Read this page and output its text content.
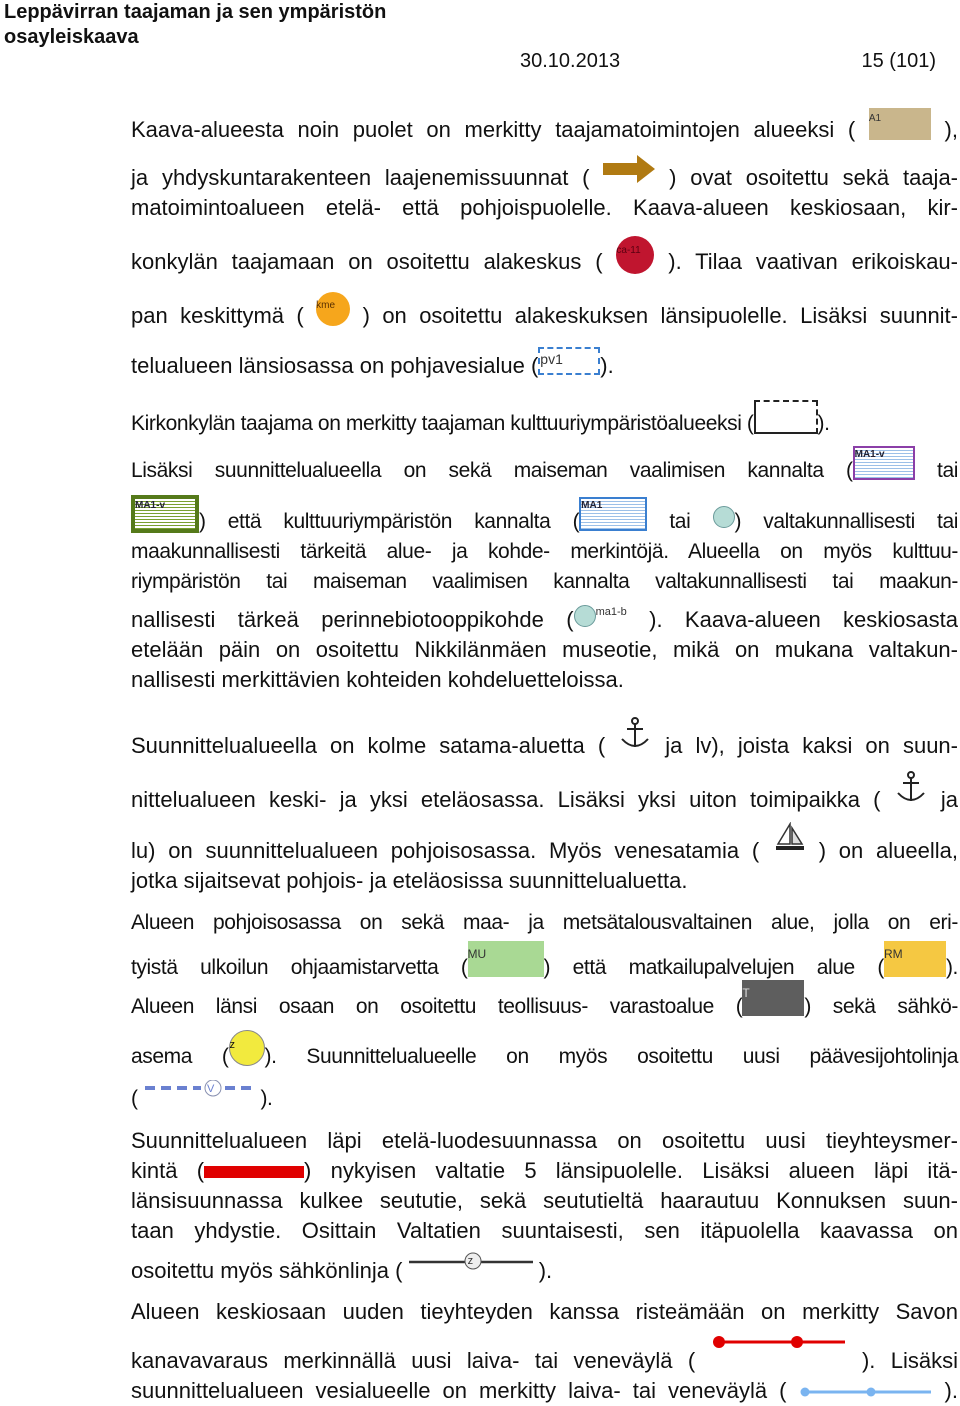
Leppävirran taajaman ja sen ympäristön
osayleiskaava
30.10.2013	15 (101)
Kaava-alueesta noin puolet on merkitty taajamatoimintojen alueeksi ( A1 ),
ja yhdyskuntarakenteen laajenemissuunnat (
) ovat osoitettu sekä taaja-
matoimintoalueen etelä- että pohjoispuolelle. Kaava-alueen keskiosaan, kir-
konkylän taajamaan on osoitettu alakeskus ( ca-11 ). Tilaa vaativan erikoiskau-
pan keskittymä ( kme ) on osoitettu alakeskuksen länsipuolelle. Lisäksi suunnit-
telualueen länsiosassa on pohjavesialue ( pv1 ).
Kirkonkylän taajama on merkitty taajaman kulttuuriympäristöalueeksi (	).
Lisäksi suunnittelualueella on sekä maiseman vaalimisen kannalta (MA1-v tai
MA1-v) että kulttuuriympäristön kannalta (MA1 tai ) valtakunnallisesti tai
maakunnallisesti tärkeitä alue- ja kohde- merkintöjä. Alueella on myös kulttuu-
riympäristön tai maiseman vaalimisen kannalta valtakunnallisesti tai maakun-
nallisesti tärkeä perinnebiotooppikohde ( $^{ma1-b}$ ). Kaava-alueen keskiosasta
etelään päin on osoitettu Nikkilänmäen museotie, mikä on mukana valtakun-
nallisesti merkittävien kohteiden kohdeluetteloissa.
Suunnittelualueella on kolme satama-aluetta (
ja lv), joista kaksi on suun-
nittelualueen keski- ja yksi eteläosassa. Lisäksi yksi uiton toimipaikka (
ja
lu) on suunnittelualueen pohjoisosassa. Myös venesatamia (
) on alueella,
jotka sijaitsevat pohjois- ja eteläosissa suunnittelualuetta.
Alueen pohjoisosassa on sekä maa- ja metsätalousvaltainen alue, jolla on eri-
tyistä ulkoilun ohjaamistarvetta (MU) että matkailupalvelujen alue (RM).
Alueen länsi osaan on osoitettu teollisuus- varastoalue (T) sekä sähkö-
asema (z ). Suunnittelualueelle on myös osoitettu uusi päävesijohtolinja
(	V ).
Suunnittelualueen läpi etelä-luodesuunnassa on osoitettu uusi tieyhteysmer-
kintä (	) nykyisen valtatie 5 länsipuolelle. Lisäksi alueen läpi itä-
länsisuunnassa kulkee seututie, sekä seututieltä haarautuu Konnuksen suun-
taan yhdystie. Osittain Valtatien suuntaisesti, sen itäpuolella kaavassa on
osoitettu myös sähkönlinja (	z	).
Alueen keskiosaan uuden tieyhteyden kanssa risteämään on merkitty Savon
kanavavaraus merkinnällä uusi laiva- tai veneväylä (	). Lisäksi
suunnittelualueen vesialueelle on merkitty laiva- tai veneväylä (	).
